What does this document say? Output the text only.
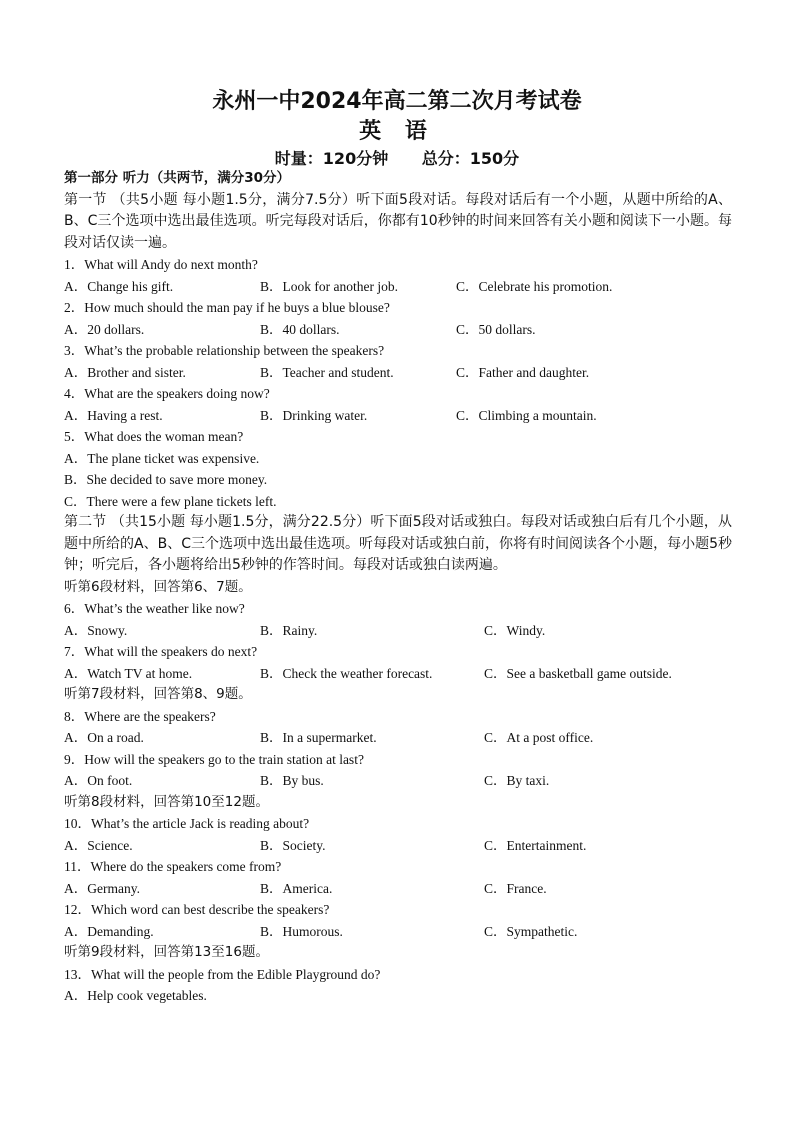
永州一中2024年高二第二次月考试卷
英 语
时量：120分钟 总分：150分
第一部分 听力（共两节，满分30分）
第一节 （共5小题 每小题1.5分，满分7.5分）听下面5段对话。每段对话后有一个小题，从题中所给的A、B、C三个选项中选出最佳选项。听完每段对话后，你都有10秒钟的时间来回答有关小题和阅读下一小题。每段对话仅读一遍。
1．What will Andy do next month?
A．Change his gift.	B．Look for another job.	C．Celebrate his promotion.
2．How much should the man pay if he buys a blue blouse?
A．20 dollars.	B．40 dollars.	C．50 dollars.
3．What’s the probable relationship between the speakers?
A．Brother and sister.	B．Teacher and student.	C．Father and daughter.
4．What are the speakers doing now?
A．Having a rest.	B．Drinking water.	C．Climbing a mountain.
5．What does the woman mean?
A．The plane ticket was expensive.
B．She decided to save more money.
C．There were a few plane tickets left.
第二节 （共15小题 每小题1.5分，满分22.5分）听下面5段对话或独白。每段对话或独白后有几个小题，从题中所给的A、B、C三个选项中选出最佳选项。听每段对话或独白前，你将有时间阅读各个小题，每小题5秒钟；听完后，各小题将给出5秒钟的作答时间。每段对话或独白读两遍。
听第6段材料，回答第6、7题。
6．What’s the weather like now?
A．Snowy.	B．Rainy.	C．Windy.
7．What will the speakers do next?
A．Watch TV at home.	B．Check the weather forecast.	C．See a basketball game outside.
听第7段材料，回答第8、9题。
8．Where are the speakers?
A．On a road.	B．In a supermarket.	C．At a post office.
9．How will the speakers go to the train station at last?
A．On foot.	B．By bus.	C．By taxi.
听第8段材料，回答第10至12题。
10．What’s the article Jack is reading about?
A．Science.	B．Society.	C．Entertainment.
11．Where do the speakers come from?
A．Germany.	B．America.	C．France.
12．Which word can best describe the speakers?
A．Demanding.	B．Humorous.	C．Sympathetic.
听第9段材料，回答第13至16题。
13．What will the people from the Edible Playground do?
A．Help cook vegetables.
